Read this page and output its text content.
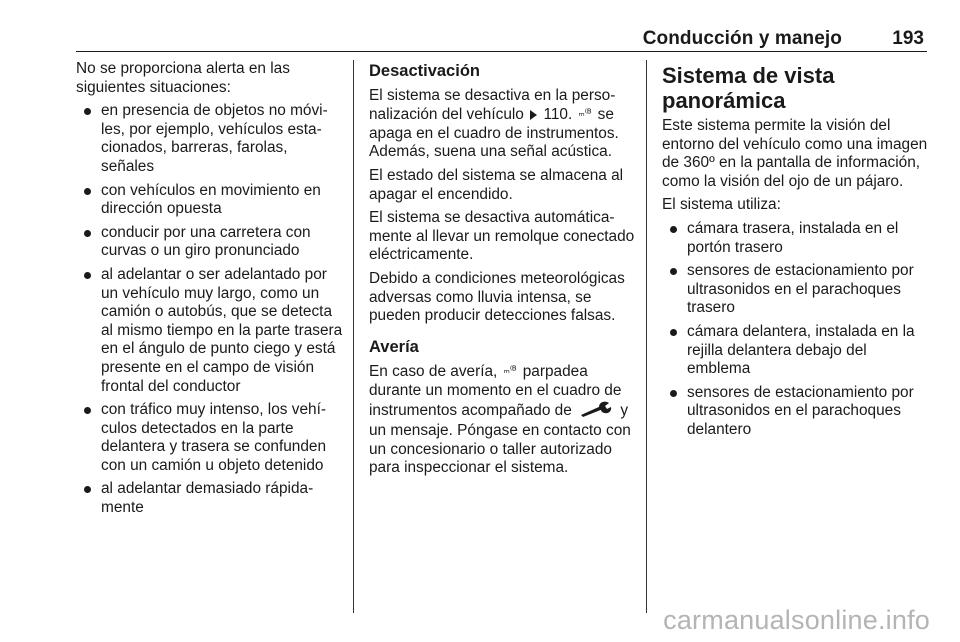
Conducción y manejo	193

No se proporciona alerta en las siguientes situaciones:

en presencia de objetos no móviles, por ejemplo, vehículos estacionados, barreras, farolas, señales
con vehículos en movimiento en dirección opuesta
conducir por una carretera con curvas o un giro pronunciado
al adelantar o ser adelantado por un vehículo muy largo, como un camión o autobús, que se detecta al mismo tiempo en la parte trasera en el ángulo de punto ciego y está presente en el campo de visión frontal del conductor
con tráfico muy intenso, los vehículos detectados en la parte delantera y trasera se confunden con un camión u objeto detenido
al adelantar demasiado rápidamente

Desactivación

El sistema se desactiva en la personalización del vehículo 110. ₘ⁽ᴮ se apaga en el cuadro de instrumentos. Además, suena una señal acústica.

El estado del sistema se almacena al apagar el encendido.

El sistema se desactiva automáticamente al llevar un remolque conectado eléctricamente.

Debido a condiciones meteorológicas adversas como lluvia intensa, se pueden producir detecciones falsas.

Avería

En caso de avería, ₘ⁽ᴮ parpadea durante un momento en el cuadro de instrumentos acompañado de	y un mensaje. Póngase en contacto con un concesionario o taller autorizado para inspeccionar el sistema.

Sistema de vista panorámica

Este sistema permite la visión del entorno del vehículo como una imagen de 360º en la pantalla de información, como la visión del ojo de un pájaro.

El sistema utiliza:

cámara trasera, instalada en el portón trasero
sensores de estacionamiento por ultrasonidos en el parachoques trasero
cámara delantera, instalada en la rejilla delantera debajo del emblema
sensores de estacionamiento por ultrasonidos en el parachoques delantero
carmanualsonline.info
